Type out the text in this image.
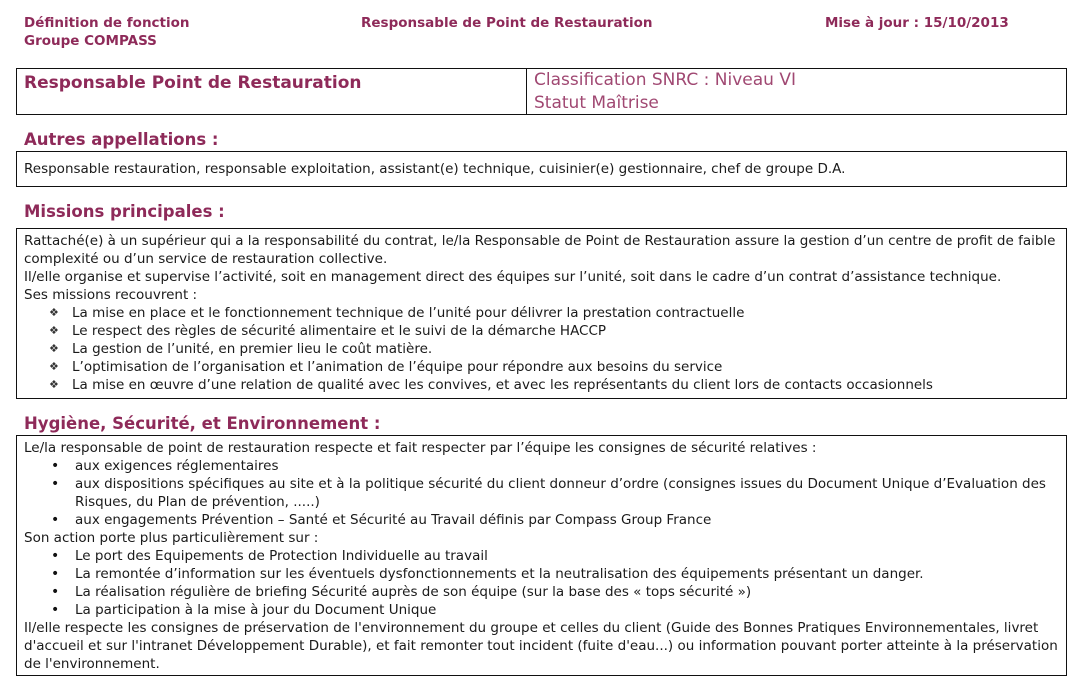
Définition de fonction
Groupe COMPASS
Responsable de Point de Restauration	Mise à jour : 15/10/2013
Responsable Point de Restauration	Classification SNRC : Niveau VI
Statut Maîtrise
Autres appellations :
Responsable restauration, responsable exploitation, assistant(e) technique, cuisinier(e) gestionnaire, chef de groupe D.A.
Missions principales :
Rattaché(e) à un supérieur qui a la responsabilité du contrat, le/la Responsable de Point de Restauration assure la gestion d’un centre de profit de faible complexité ou d’un service de restauration collective.
Il/elle organise et supervise l’activité, soit en management direct des équipes sur l’unité, soit dans le cadre d’un contrat d’assistance technique.
Ses missions recouvrent :
❖ La mise en place et le fonctionnement technique de l’unité pour délivrer la prestation contractuelle
❖ Le respect des règles de sécurité alimentaire et le suivi de la démarche HACCP
❖ La gestion de l’unité, en premier lieu le coût matière.
❖ L’optimisation de l’organisation et l’animation de l’équipe pour répondre aux besoins du service
❖ La mise en œuvre d’une relation de qualité avec les convives, et avec les représentants du client lors de contacts occasionnels
Hygiène, Sécurité, et Environnement :
Le/la responsable de point de restauration respecte et fait respecter par l’équipe les consignes de sécurité relatives :
• aux exigences réglementaires
• aux dispositions spécifiques au site et à la politique sécurité du client donneur d’ordre (consignes issues du Document Unique d’Evaluation des Risques, du Plan de prévention, .....)
• aux engagements Prévention – Santé et Sécurité au Travail définis par Compass Group France
Son action porte plus particulièrement sur :
• Le port des Equipements de Protection Individuelle au travail
• La remontée d’information sur les éventuels dysfonctionnements et la neutralisation des équipements présentant un danger.
• La réalisation régulière de briefing Sécurité auprès de son équipe (sur la base des « tops sécurité »)
• La participation à la mise à jour du Document Unique
Il/elle respecte les consignes de préservation de l'environnement du groupe et celles du client (Guide des Bonnes Pratiques Environnementales, livret d'accueil et sur l'intranet Développement Durable), et fait remonter tout incident (fuite d'eau...) ou information pouvant porter atteinte à la préservation de l'environnement.
